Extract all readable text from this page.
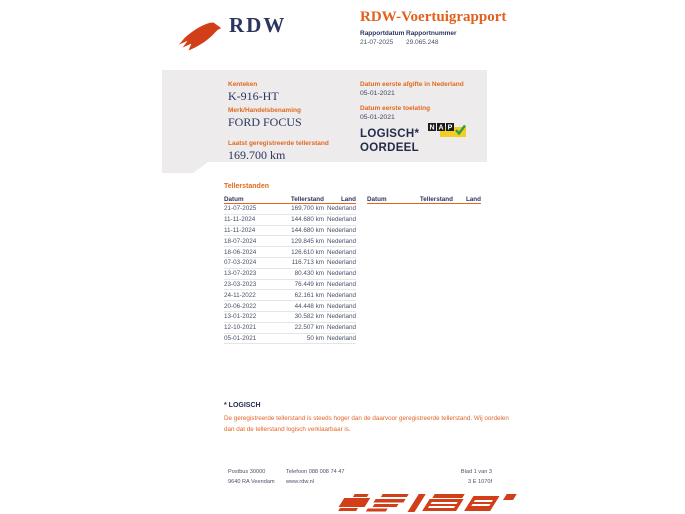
RDW	RDW-Voertuigrapport
Rapportdatum
21-07-2025
Rapportnummer
29.065.248
Kenteken
K-916-HT
Merk/Handelsbenaming
FORD FOCUS
Laatst geregistreerde tellerstand
169.700 km
Datum eerste afgifte in Nederland
05-01-2021
Datum eerste toelating
05-01-2021
LOGISCH*
OORDEEL
N A P
Tellerstanden
Datum	Tellerstand	Land
21-07-2025	169.700 km Nederland
11-11-2024	144.680 km Nederland
11-11-2024	144.680 km Nederland
18-07-2024	129.845 km Nederland
18-06-2024	126.610 km Nederland
07-03-2024	116.713 km Nederland
13-07-2023	80.430 km Nederland
23-03-2023	76.449 km Nederland
24-11-2022	62.161 km Nederland
20-06-2022	44.448 km Nederland
13-01-2022	30.582 km Nederland
12-10-2021	22.507 km Nederland
05-01-2021	50 km Nederland
Datum	Tellerstand	Land
* LOGISCH
De geregistreerde tellerstand is steeds hoger dan de daarvoor geregistreerde tellerstand. Wij oordelen dan dat de tellerstand logisch verklaarbaar is.
Postbus 30000
9640 RA Veendam
Telefoon 088 008 74 47
www.rdw.nl
Blad 1 van 3
3 E 1070f
